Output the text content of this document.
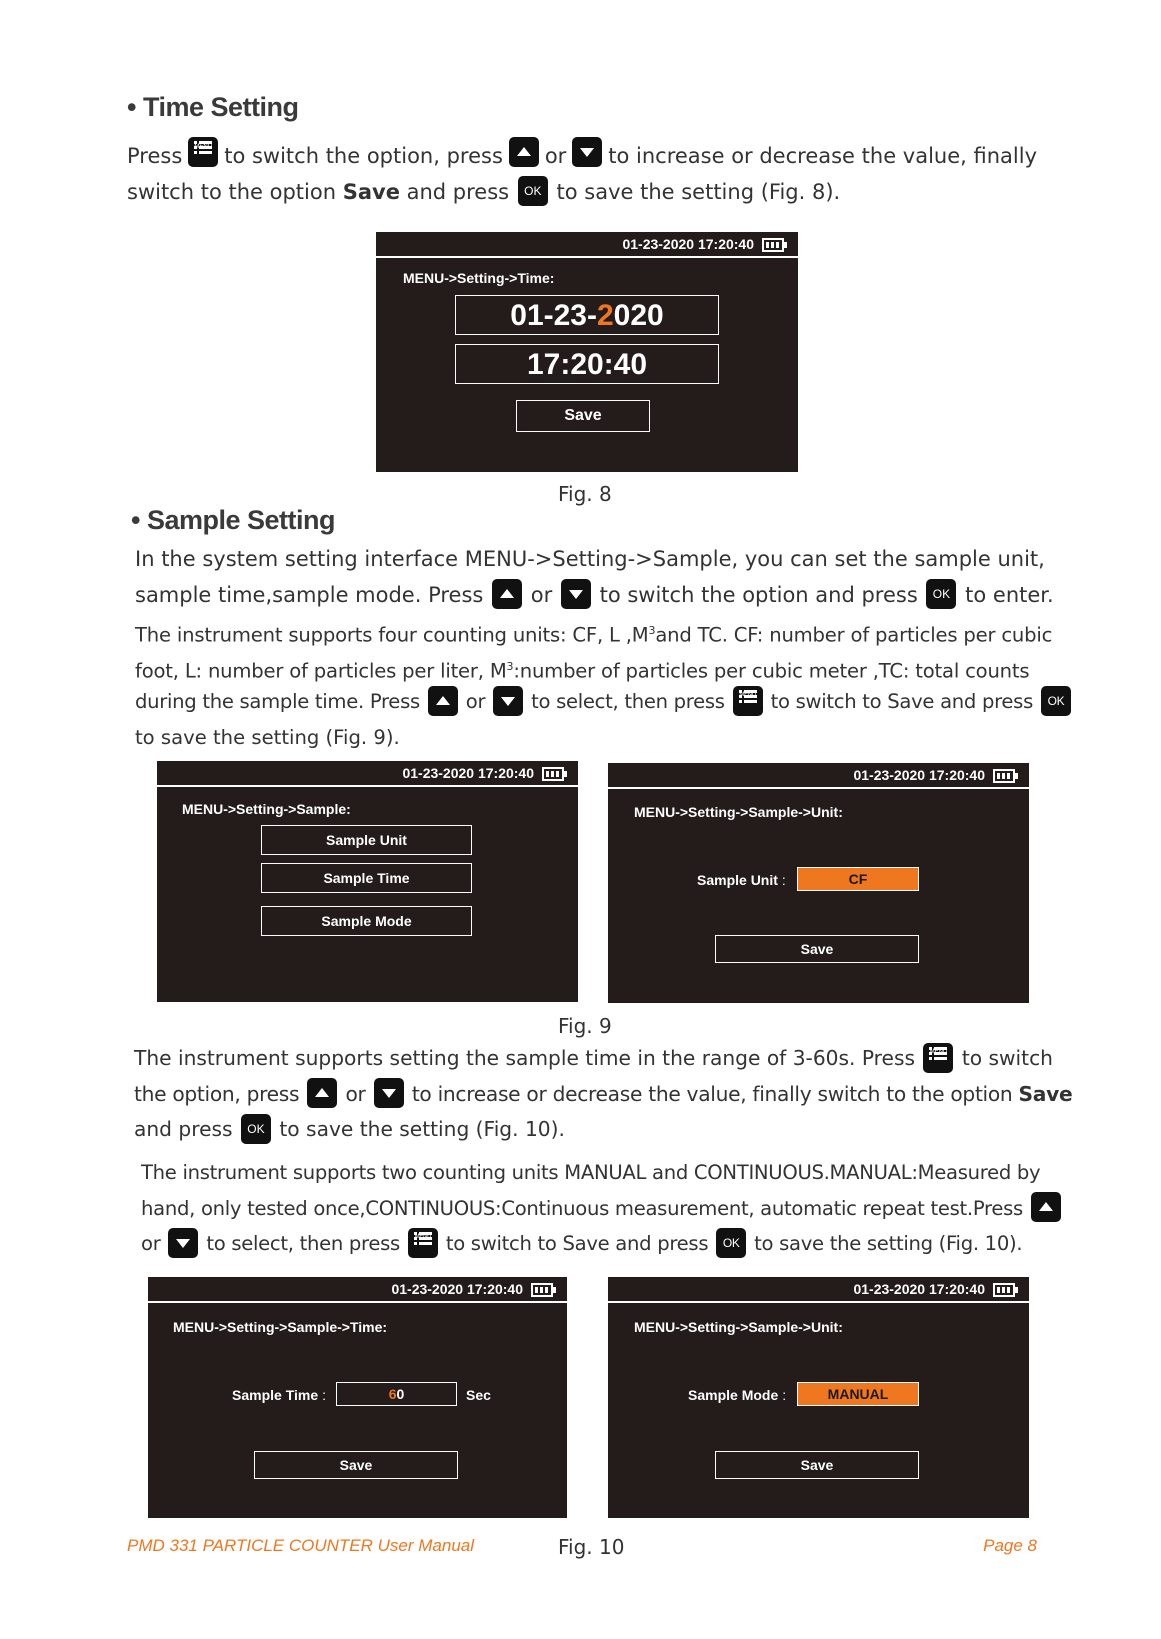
• Time Setting
Press	MENU to switch the option, press or to increase or decrease the value, finally
switch to the option Save and press OK to save the setting (Fig. 8).
01-23-2020 17:20:40
MENU->Setting->Time:
01-23-2020
17:20:40
Save
Fig. 8
• Sample Setting
In the system setting interface MENU->Setting->Sample, you can set the sample unit,
sample time,sample mode. Press or to switch the option and press OK to enter.
The instrument supports four counting units: CF, L $,M^3and$ TC. CF: number of particles per cubic
foot, L: number of particles per liter, $M^3:number$ of particles per cubic meter ,TC: total counts
during the sample time. Press or to select, then press	MENU to switch to Save and press OK
to save the setting (Fig. 9).
01-23-2020 17:20:40
MENU->Setting->Sample:
Sample Unit
Sample Time
Sample Mode
01-23-2020 17:20:40
MENU->Setting->Sample->Unit:
Sample Unit :	CF
Save
Fig. 9
The instrument supports setting the sample time in the range of 3-60s. Press	MENU to switch
the option, press or to increase or decrease the value, finally switch to the option Save
and press OK to save the setting (Fig. 10).
The instrument supports two counting units MANUAL and CONTINUOUS.MANUAL:Measured by
hand, only tested once,CONTINUOUS:Continuous measurement, automatic repeat test.Press
or to select, then press	MENU to switch to Save and press OK to save the setting (Fig. 10).
01-23-2020 17:20:40
MENU->Setting->Sample->Time:
Sample Time :	60	Sec
Save
01-23-2020 17:20:40
MENU->Setting->Sample->Unit:
Sample Mode :	MANUAL
Save
PMD 331 PARTICLE COUNTER User Manual	Fig. 10	Page 8
